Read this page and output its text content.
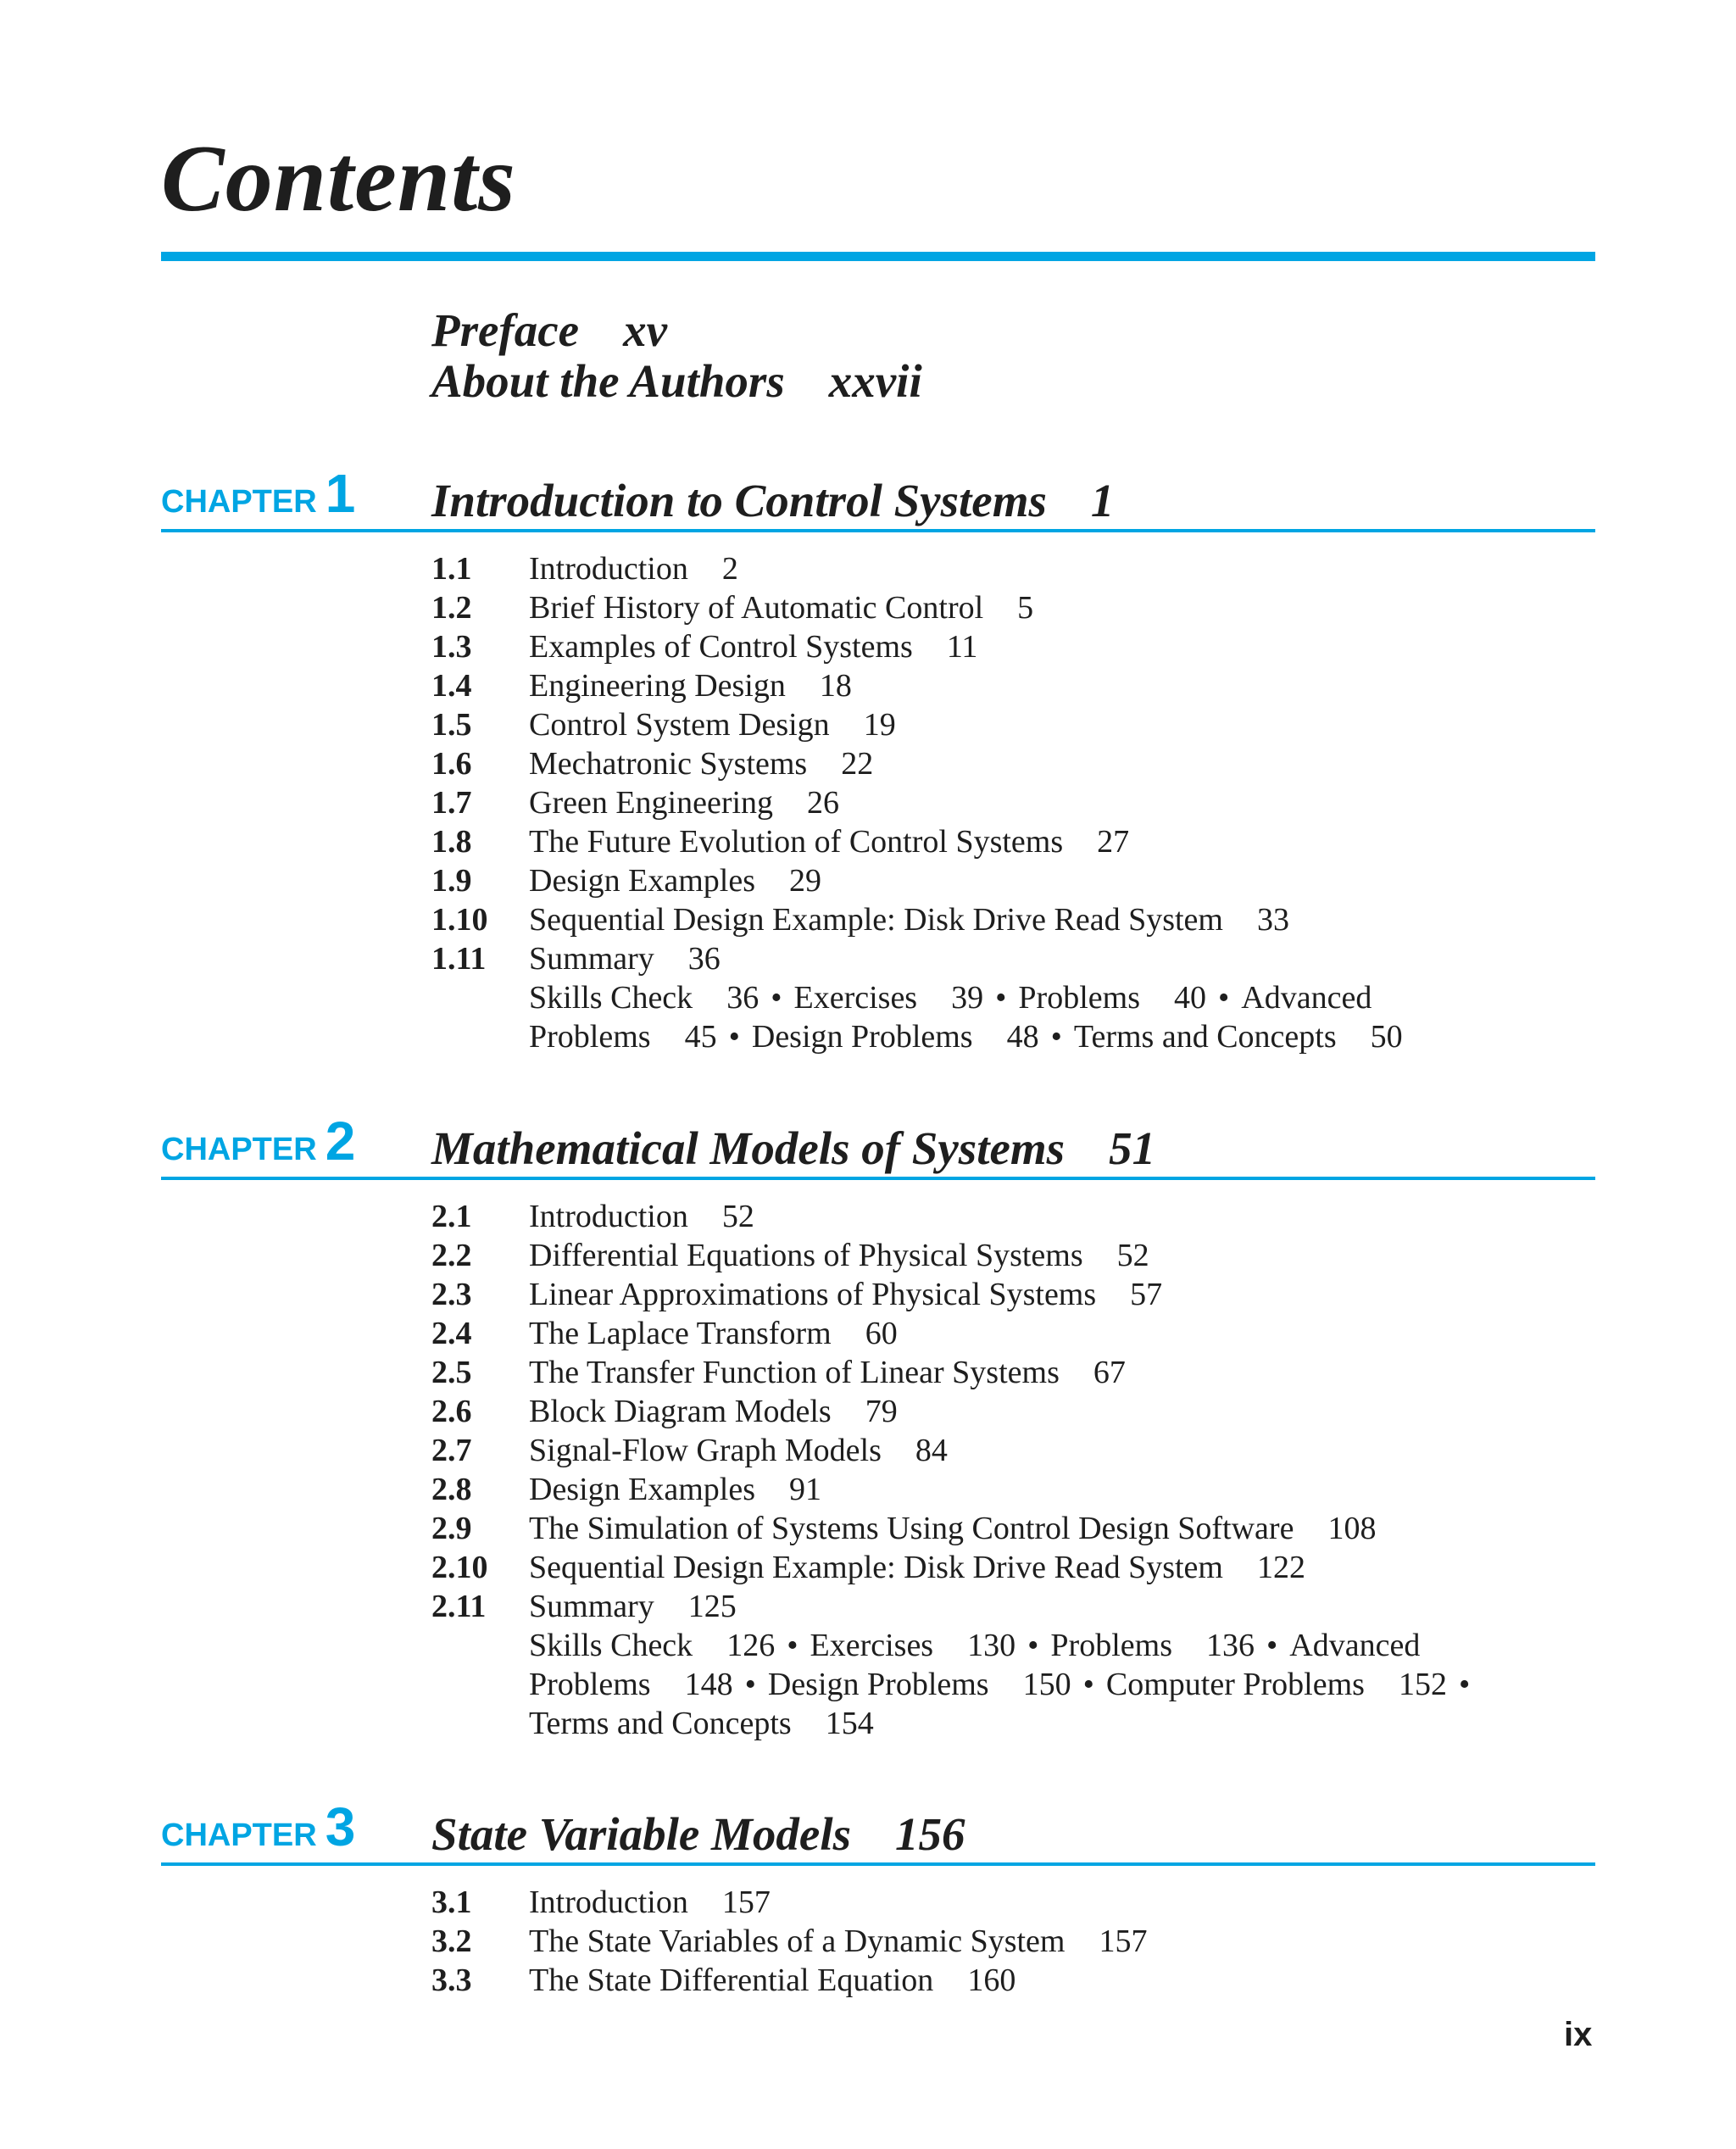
Contents
Preface xv
About the Authors xxvii
CHAPTER 1 Introduction to Control Systems 1
1.1	Introduction 2
1.2	Brief History of Automatic Control 5
1.3	Examples of Control Systems 11
1.4	Engineering Design 18
1.5	Control System Design 19
1.6	Mechatronic Systems 22
1.7	Green Engineering 26
1.8	The Future Evolution of Control Systems 27
1.9	Design Examples 29
1.10	Sequential Design Example: Disk Drive Read System 33
1.11	Summary 36
Skills Check 36 • Exercises 39 • Problems 40 • Advanced
Problems 45 • Design Problems 48 • Terms and Concepts 50
CHAPTER 2 Mathematical Models of Systems 51
2.1	Introduction 52
2.2	Differential Equations of Physical Systems 52
2.3	Linear Approximations of Physical Systems 57
2.4	The Laplace Transform 60
2.5	The Transfer Function of Linear Systems 67
2.6	Block Diagram Models 79
2.7	Signal-Flow Graph Models 84
2.8	Design Examples 91
2.9	The Simulation of Systems Using Control Design Software 108
2.10	Sequential Design Example: Disk Drive Read System 122
2.11	Summary 125
Skills Check 126 • Exercises 130 • Problems 136 • Advanced
Problems 148 • Design Problems 150 • Computer Problems 152 •
Terms and Concepts 154
CHAPTER 3 State Variable Models 156
3.1	Introduction 157
3.2	The State Variables of a Dynamic System 157
3.3	The State Differential Equation 160
ix
